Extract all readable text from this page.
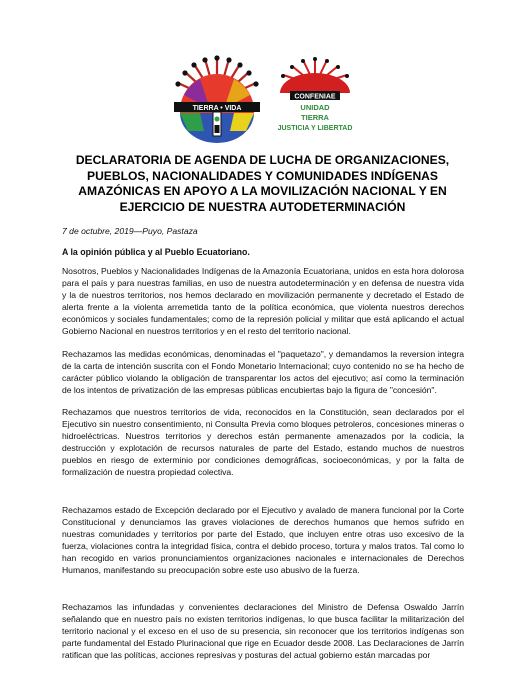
TIERRA • VIDA
CONFENIAE
UNIDAD
TIERRA
JUSTICIA Y LIBERTAD
DECLARATORIA DE AGENDA DE LUCHA DE ORGANIZACIONES, PUEBLOS, NACIONALIDADES Y COMUNIDADES INDÍGENAS AMAZÓNICAS EN APOYO A LA MOVILIZACIÓN NACIONAL Y EN EJERCICIO DE NUESTRA AUTODETERMINACIÓN
7 de octubre, 2019—Puyo, Pastaza
A la opinión pública y al Pueblo Ecuatoriano.

Nosotros, Pueblos y Nacionalidades Indígenas de la Amazonía Ecuatoriana, unidos en esta hora dolorosa para el país y para nuestras familias, en uso de nuestra autodeterminación y en defensa de nuestra vida y la de nuestros territorios, nos hemos declarado en movilización permanente y decretado el Estado de alerta frente a la violenta arremetida tanto de la política económica, que violenta nuestros derechos económicos y sociales fundamentales; como de la represión policial y militar que está aplicando el actual Gobierno Nacional en nuestros territorios y en el resto del territorio nacional.

Rechazamos las medidas económicas, denominadas el "paquetazo", y demandamos la reversion integra de la carta de intención suscrita con el Fondo Monetario Internacional; cuyo contenido no se ha hecho de carácter público violando la obligación de transparentar los actos del ejecutivo; así como la terminación de los intentos de privatización de las empresas públicas encubiertas bajo la figura de "concesión".

Rechazamos que nuestros territorios de vida, reconocidos en la Constitución, sean declarados por el Ejecutivo sin nuestro consentimiento, ni Consulta Previa como bloques petroleros, concesiones mineras o hidroeléctricas. Nuestros territorios y derechos están permanente amenazados por la codicia, la destrucción y explotación de recursos naturales de parte del Estado, estando muchos de nuestros pueblos en riesgo de exterminio por condiciones demográficas, socioeconómicas, y por la falta de formalización de nuestra propiedad colectiva.

Rechazamos estado de Excepción declarado por el Ejecutivo y avalado de manera funcional por la Corte Constitucional y denunciamos las graves violaciones de derechos humanos que hemos sufrido en nuestras comunidades y territorios por parte del Estado, que incluyen entre otras uso excesivo de la fuerza, violaciones contra la integridad física, contra el debido proceso, tortura y malos tratos. Tal como lo han recogido en varios pronunciamientos organizaciones nacionales e internacionales de Derechos Humanos, manifestando su preocupación sobre este uso abusivo de la fuerza.

Rechazamos las infundadas y convenientes declaraciones del Ministro de Defensa Oswaldo Jarrín señalando que en nuestro país no existen territorios indígenas, lo que busca facilitar la militarización del territorio nacional y el exceso en el uso de su presencia, sin reconocer que los territorios indígenas son parte fundamental del Estado Plurinacional que rige en Ecuador desde 2008. Las Declaraciones de Jarrín ratifican que las políticas, acciones represivas y posturas del actual gobierno están marcadas por
